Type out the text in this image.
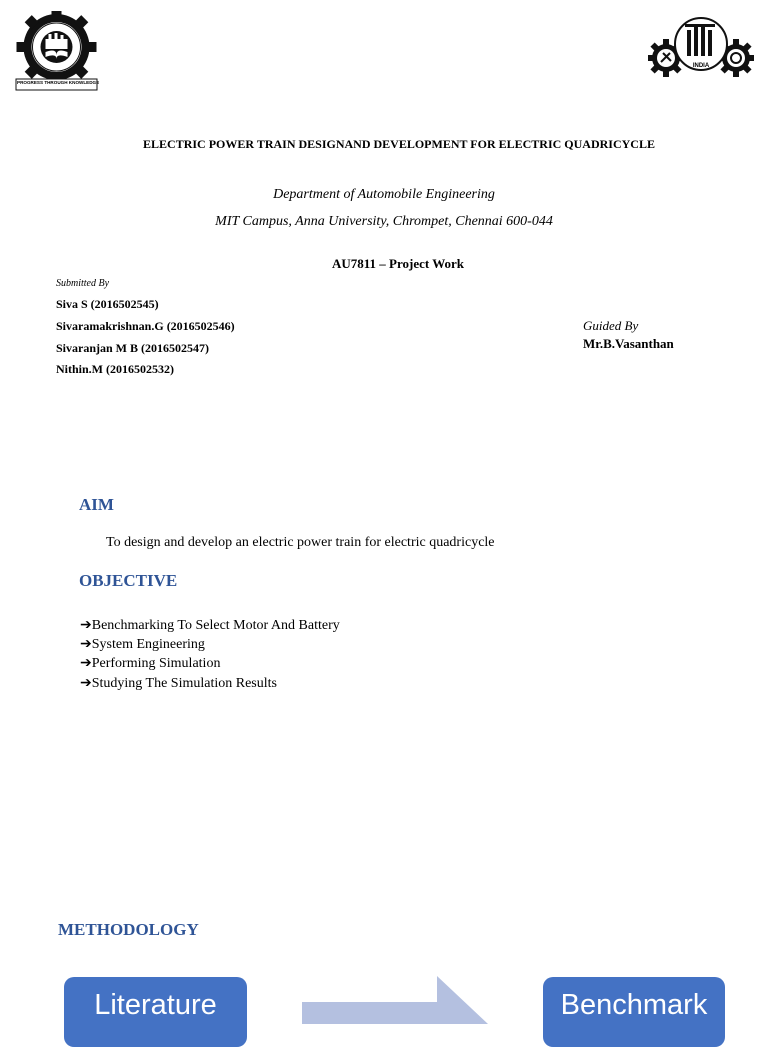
PROGRESS THROUGH KNOWLEDGE
INDIA
ELECTRIC POWER TRAIN DESIGNAND DEVELOPMENT FOR ELECTRIC QUADRICYCLE
Department of Automobile Engineering
MIT Campus, Anna University, Chrompet, Chennai 600-044
AU7811 – Project Work
Submitted By
Siva S (2016502545)
Sivaramakrishnan.G (2016502546)
Sivaranjan M B (2016502547)
Nithin.M (2016502532)
Guided By
Mr.B.Vasanthan
AIM
To design and develop an electric power train for electric quadricycle
OBJECTIVE
➔Benchmarking To Select Motor And Battery
➔System Engineering
➔Performing Simulation
➔Studying The Simulation Results
METHODOLOGY
Literature	Benchmark
